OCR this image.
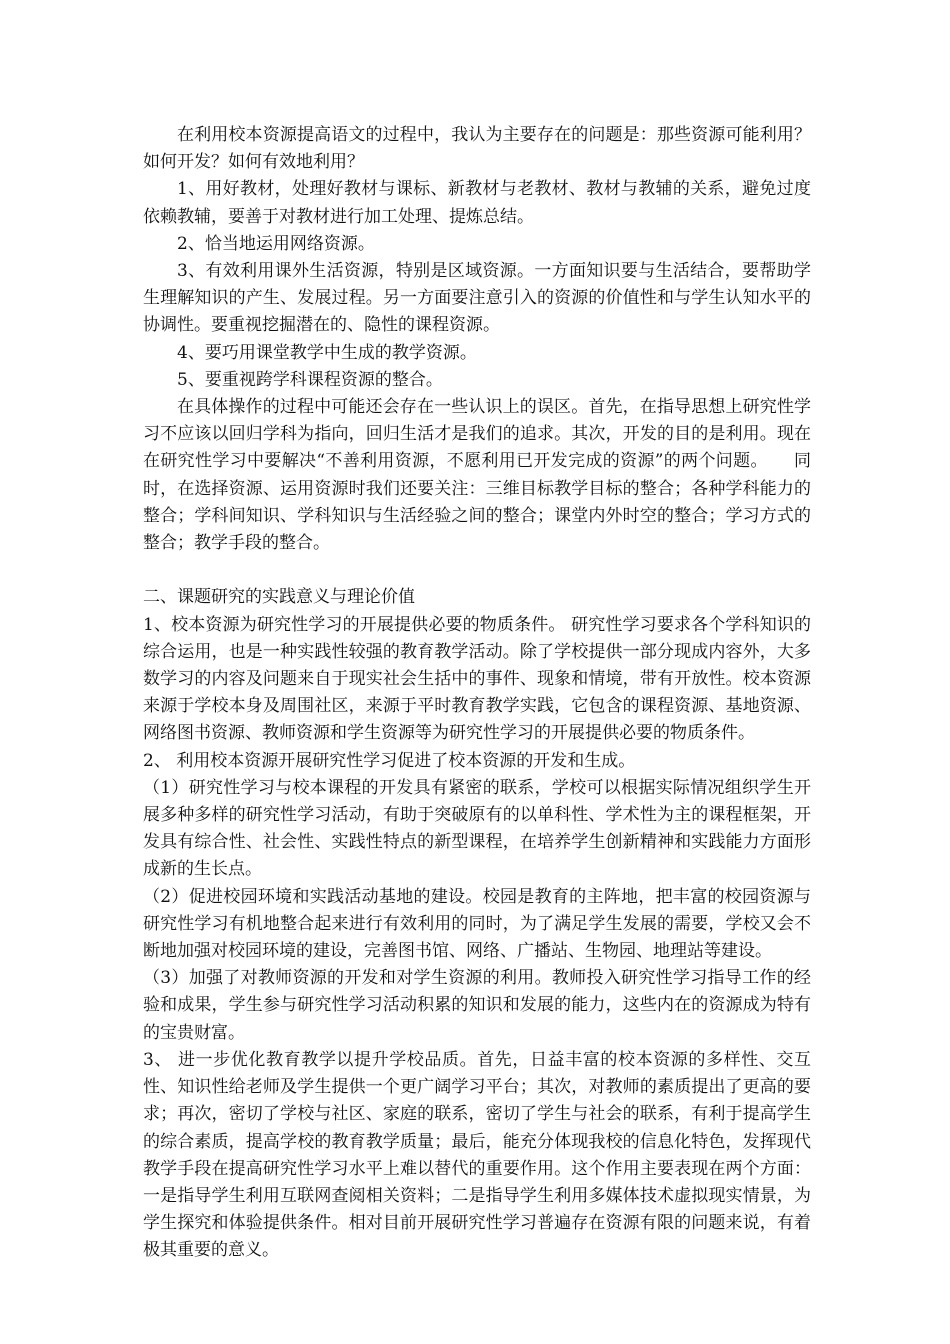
在利用校本资源提高语文的过程中，我认为主要存在的问题是：那些资源可能利用？如何开发？如何有效地利用？

1、用好教材，处理好教材与课标、新教材与老教材、教材与教辅的关系，避免过度依赖教辅，要善于对教材进行加工处理、提炼总结。

2、恰当地运用网络资源。

3、有效利用课外生活资源，特别是区域资源。一方面知识要与生活结合，要帮助学生理解知识的产生、发展过程。另一方面要注意引入的资源的价值性和与学生认知水平的协调性。要重视挖掘潜在的、隐性的课程资源。

4、要巧用课堂教学中生成的教学资源。

5、要重视跨学科课程资源的整合。

在具体操作的过程中可能还会存在一些认识上的误区。首先，在指导思想上研究性学习不应该以回归学科为指向，回归生活才是我们的追求。其次，开发的目的是利用。现在在研究性学习中要解决“不善利用资源，不愿利用已开发完成的资源”的两个问题。　　同时，在选择资源、运用资源时我们还要关注：三维目标教学目标的整合；各种学科能力的整合；学科间知识、学科知识与生活经验之间的整合；课堂内外时空的整合；学习方式的整合；教学手段的整合。

二、课题研究的实践意义与理论价值

1、校本资源为研究性学习的开展提供必要的物质条件。 研究性学习要求各个学科知识的综合运用，也是一种实践性较强的教育教学活动。除了学校提供一部分现成内容外，大多数学习的内容及问题来自于现实社会生括中的事件、现象和情境，带有开放性。校本资源来源于学校本身及周围社区，来源于平时教育教学实践，它包含的课程资源、基地资源、网络图书资源、教师资源和学生资源等为研究性学习的开展提供必要的物质条件。

2、 利用校本资源开展研究性学习促进了校本资源的开发和生成。

（1）研究性学习与校本课程的开发具有紧密的联系，学校可以根据实际情况组织学生开展多种多样的研究性学习活动，有助于突破原有的以单科性、学术性为主的课程框架，开发具有综合性、社会性、实践性特点的新型课程，在培养学生创新精神和实践能力方面形成新的生长点。

（2）促进校园环境和实践活动基地的建设。校园是教育的主阵地，把丰富的校园资源与研究性学习有机地整合起来进行有效利用的同时，为了满足学生发展的需要，学校又会不断地加强对校园环境的建设，完善图书馆、网络、广播站、生物园、地理站等建设。

（3）加强了对教师资源的开发和对学生资源的利用。教师投入研究性学习指导工作的经验和成果，学生参与研究性学习活动积累的知识和发展的能力，这些内在的资源成为特有的宝贵财富。

3、 进一步优化教育教学以提升学校品质。首先，日益丰富的校本资源的多样性、交互性、知识性给老师及学生提供一个更广阔学习平台；其次，对教师的素质提出了更高的要求；再次，密切了学校与社区、家庭的联系，密切了学生与社会的联系，有利于提高学生的综合素质，提高学校的教育教学质量；最后，能充分体现我校的信息化特色，发挥现代教学手段在提高研究性学习水平上难以替代的重要作用。这个作用主要表现在两个方面：一是指导学生利用互联网查阅相关资料；二是指导学生利用多媒体技术虚拟现实情景，为学生探究和体验提供条件。相对目前开展研究性学习普遍存在资源有限的问题来说，有着极其重要的意义。
